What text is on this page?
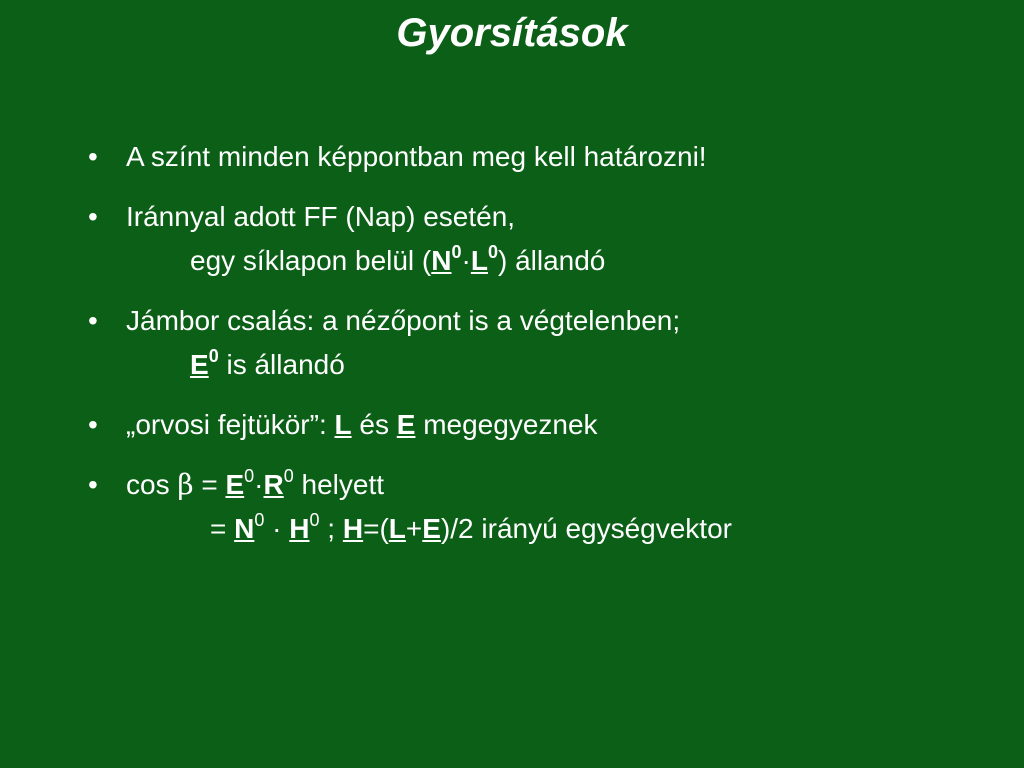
Gyorsítások
• A színt minden képpontban meg kell határozni!
• Iránnyal adott FF (Nap) esetén,
egy síklapon belül $(N^0\cdot L^0)$ állandó
• Jámbor csalás: a nézőpont is a végtelenben;
$E^0$ is állandó
• „orvosi fejtükör”: L és E megegyeznek
• $\cos \beta = E^0\cdot R^0$ helyett
= $N^0 \cdot H^0$ ; H=(L+E)/2 irányú egységvektor
